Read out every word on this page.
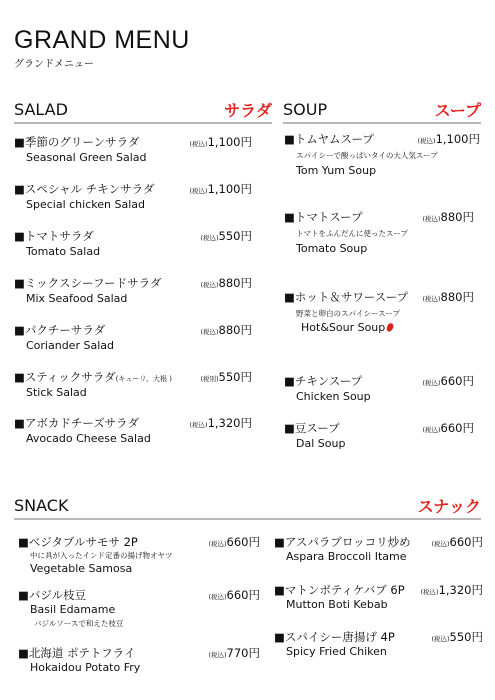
GRAND MENU
グランドメニュー
SALAD	サラダ
■季節のグリーンサラダ	(税込)1,100円
Seasonal Green Salad
■スペシャル チキンサラダ	(税込)1,100円
Special chicken Salad
■トマトサラダ	(税込)550円
Tomato Salad
■ミックスシーフードサラダ	(税込)880円
Mix Seafood Salad
■パクチーサラダ	(税込)880円
Coriander Salad
■スティックサラダ(キューリ、大根 )	(税別)550円
Stick Salad
■アボカドチーズサラダ	(税込)1,320円
Avocado Cheese Salad
SOUP	スープ
■トムヤムスープ	(税込)1,100円
スパイシーで酸っぱいタイの大人気スープ
Tom Yum Soup
■トマトスープ	(税込)880円
トマトをふんだんに使ったスープ
Tomato Soup
■ホット＆サワースープ (税込)880円
野菜と卵白のスパイシースープ
Hot&Sour Soup
■チキンスープ	(税込)660円
Chicken Soup
■豆スープ	(税込)660円
Dal Soup
SNACK	スナック
■ベジタブルサモサ 2P	(税込)660円
中に具が入ったインド定番の揚げ物オヤツ
Vegetable Samosa
■バジル枝豆	(税込)660円
Basil Edamame
バジルソースで和えた枝豆
■北海道 ポテトフライ	(税込)770円
Hokaidou Potato Fry
■アスパラブロッコリ炒め	(税込)660円
Aspara Broccoli Itame
■マトンボティケバブ 6P (税込)1,320円
Mutton Boti Kebab
■スパイシー唐揚げ 4P	(税込)550円
Spicy Fried Chiken
